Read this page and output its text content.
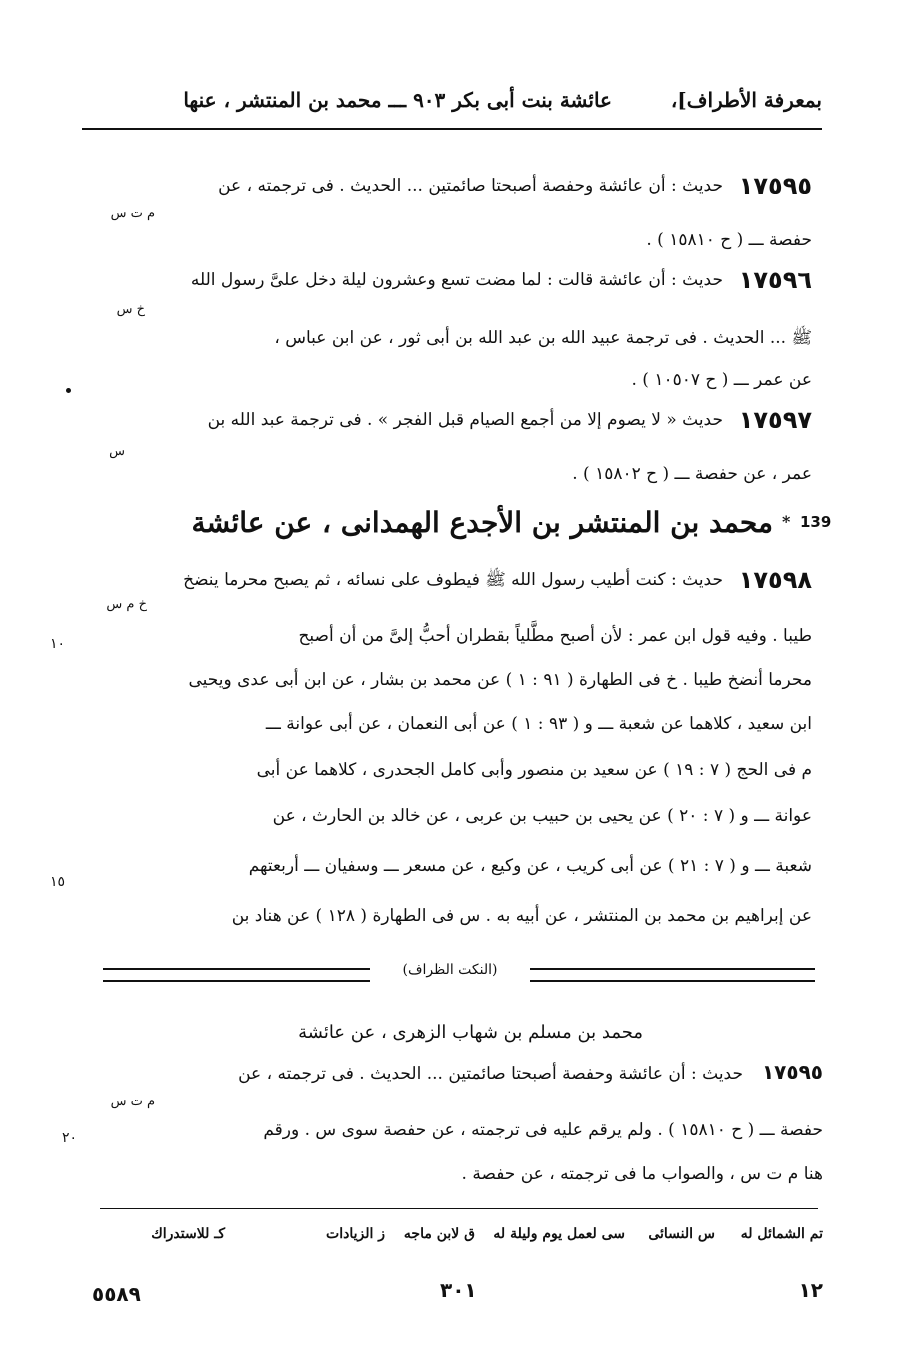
بمعرفة الأطراف]،
عائشة بنت أبى بكر ٩٠٣ ـــ محمد بن المنتشر ، عنها
١٧٥٩٥
حديث : أن عائشة وحفصة أصبحتا صائمتين ... الحديث . فى ترجمته ، عن
م ت س
حفصة ـــ ( ح ١٥٨١٠ ) .
١٧٥٩٦
حديث : أن عائشة قالت : لما مضت تسع وعشرون ليلة دخل علىَّ رسول الله
خ س
ﷺ ... الحديث . فى ترجمة عبيد الله بن عبد الله بن أبى ثور ، عن ابن عباس ،
عن عمر ـــ ( ح ١٠٥٠٧ ) .
١٧٥٩٧
حديث « لا يصوم إلا من أجمع الصيام قبل الفجر » . فى ترجمة عبد الله بن
س
عمر ، عن حفصة ـــ ( ح ١٥٨٠٢ ) .
139
*
محمد بن المنتشر بن الأجدع الهمدانى ، عن عائشة
١٧٥٩٨
حديث : كنت أطيب رسول الله ﷺ فيطوف على نسائه ، ثم يصبح محرما ينضخ
خ م س
طيبا . وفيه قول ابن عمر : لأن أصبح مطَّلياً بقطران أحبُّ إلىَّ من أن أصبح
محرما أنضخ طيبا . خ فى الطهارة ( ٩١ : ١ ) عن محمد بن بشار ، عن ابن أبى عدى ويحيى
ابن سعيد ، كلاهما عن شعبة ـــ و ( ٩٣ : ١ ) عن أبى النعمان ، عن أبى عوانة ـــ
م فى الحج ( ٧ : ١٩ ) عن سعيد بن منصور وأبى كامل الجحدرى ، كلاهما عن أبى
عوانة ـــ و ( ٧ : ٢٠ ) عن يحيى بن حبيب بن عربى ، عن خالد بن الحارث ، عن
شعبة ـــ و ( ٧ : ٢١ ) عن أبى كريب ، عن وكيع ، عن مسعر ـــ وسفيان ـــ أربعتهم
عن إبراهيم بن محمد بن المنتشر ، عن أبيه به . س فى الطهارة ( ١٢٨ ) عن هناد بن
١٠
١٥
٢٠
(النكت الظراف)
محمد بن مسلم بن شهاب الزهرى ، عن عائشة
١٧٥٩٥
حديث : أن عائشة وحفصة أصبحتا صائمتين ... الحديث . فى ترجمته ، عن
م ت س
حفصة ـــ ( ح ١٥٨١٠ ) . ولم يرقم عليه فى ترجمته ، عن حفصة سوى س . ورقم
هنا م ت س ، والصواب ما فى ترجمته ، عن حفصة .
تم الشمائل له
س النسائى
سى لعمل يوم وليلة له
ق لابن ماجه
ز الزيادات
كـ للاستدراك
٥٥٨٩	٣٠١	١٢
